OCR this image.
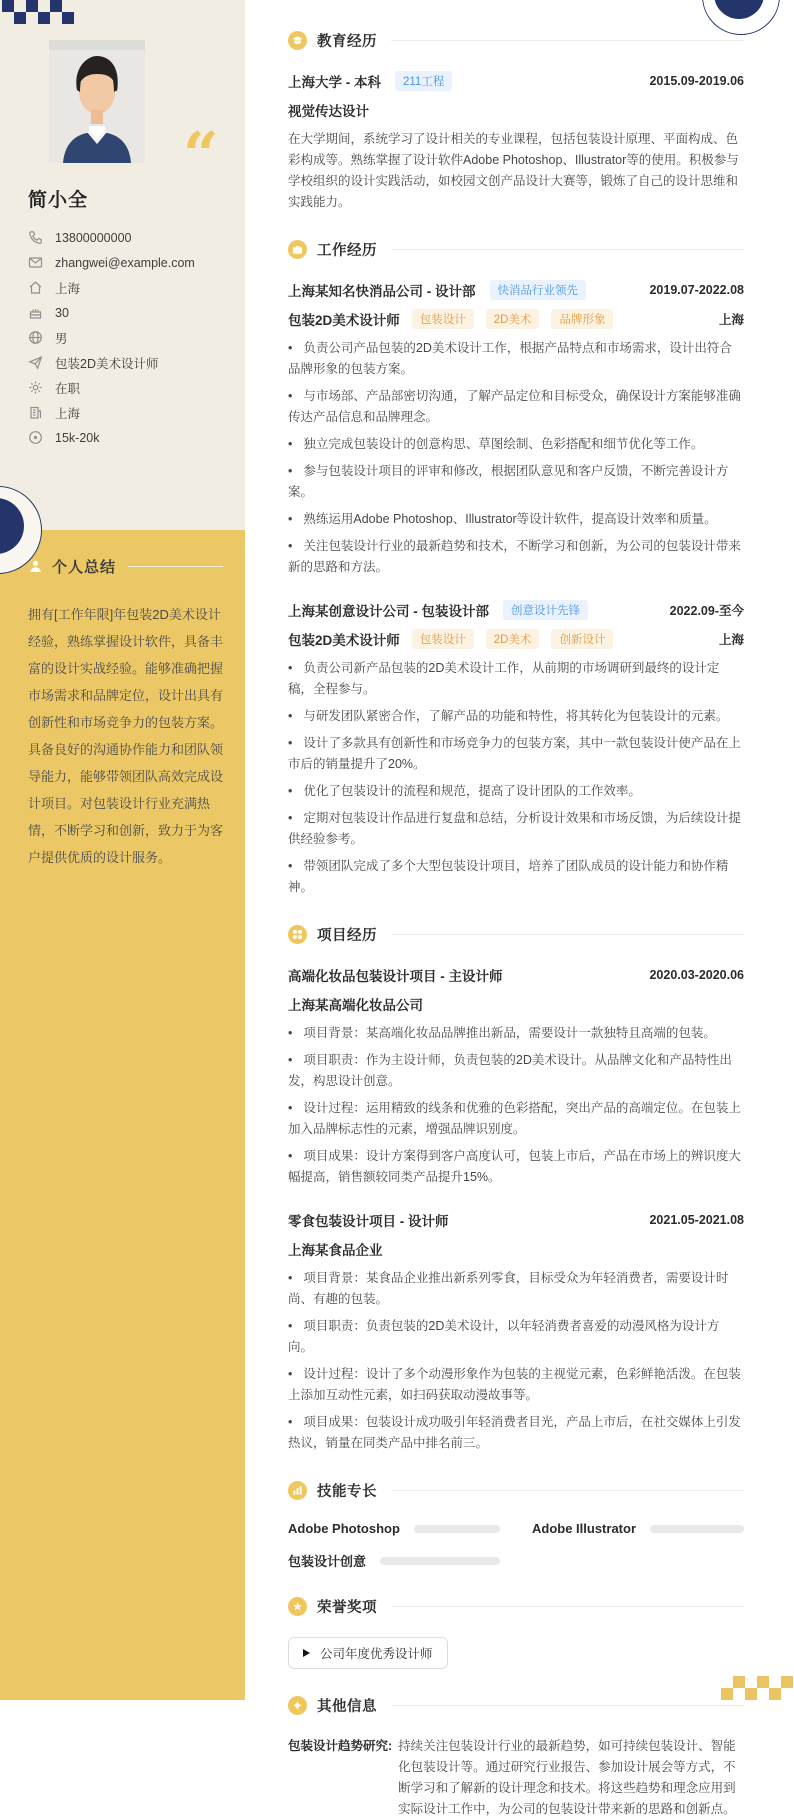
“
简小全
13800000000
zhangwei@example.com
上海
30
男
包装2D美术设计师
在职
上海
15k-20k
个人总结

拥有[工作年限]年包装2D美术设计经验，熟练掌握设计软件，具备丰富的设计实战经验。能够准确把握市场需求和品牌定位，设计出具有创新性和市场竞争力的包装方案。具备良好的沟通协作能力和团队领导能力，能够带领团队高效完成设计项目。对包装设计行业充满热情，不断学习和创新，致力于为客户提供优质的设计服务。

教育经历
上海大学 - 本科	211工程	2015.09-2019.06
视觉传达设计

在大学期间，系统学习了设计相关的专业课程，包括包装设计原理、平面构成、色彩构成等。熟练掌握了设计软件Adobe Photoshop、Illustrator等的使用。积极参与学校组织的设计实践活动，如校园文创产品设计大赛等，锻炼了自己的设计思维和实践能力。

工作经历
上海某知名快消品公司 - 设计部	快消品行业领先	2019.07-2022.08
包装2D美术设计师	包装设计	2D美术	品牌形象	上海
• 负责公司产品包装的2D美术设计工作，根据产品特点和市场需求，设计出符合品牌形象的包装方案。
• 与市场部、产品部密切沟通，了解产品定位和目标受众，确保设计方案能够准确传达产品信息和品牌理念。
• 独立完成包装设计的创意构思、草图绘制、色彩搭配和细节优化等工作。
• 参与包装设计项目的评审和修改，根据团队意见和客户反馈，不断完善设计方案。
• 熟练运用Adobe Photoshop、Illustrator等设计软件，提高设计效率和质量。
• 关注包装设计行业的最新趋势和技术，不断学习和创新，为公司的包装设计带来新的思路和方法。
上海某创意设计公司 - 包装设计部	创意设计先锋	2022.09-至今
包装2D美术设计师	包装设计	2D美术	创新设计	上海
• 负责公司新产品包装的2D美术设计工作，从前期的市场调研到最终的设计定稿，全程参与。
• 与研发团队紧密合作，了解产品的功能和特性，将其转化为包装设计的元素。
• 设计了多款具有创新性和市场竞争力的包装方案，其中一款包装设计使产品在上市后的销量提升了20%。
• 优化了包装设计的流程和规范，提高了设计团队的工作效率。
• 定期对包装设计作品进行复盘和总结，分析设计效果和市场反馈，为后续设计提供经验参考。
• 带领团队完成了多个大型包装设计项目，培养了团队成员的设计能力和协作精神。
项目经历
高端化妆品包装设计项目 - 主设计师	2020.03-2020.06
上海某高端化妆品公司
• 项目背景：某高端化妆品品牌推出新品，需要设计一款独特且高端的包装。
• 项目职责：作为主设计师，负责包装的2D美术设计。从品牌文化和产品特性出发，构思设计创意。
• 设计过程：运用精致的线条和优雅的色彩搭配，突出产品的高端定位。在包装上加入品牌标志性的元素，增强品牌识别度。
• 项目成果：设计方案得到客户高度认可，包装上市后，产品在市场上的辨识度大幅提高，销售额较同类产品提升15%。
零食包装设计项目 - 设计师	2021.05-2021.08
上海某食品企业
• 项目背景：某食品企业推出新系列零食，目标受众为年轻消费者，需要设计时尚、有趣的包装。
• 项目职责：负责包装的2D美术设计，以年轻消费者喜爱的动漫风格为设计方向。
• 设计过程：设计了多个动漫形象作为包装的主视觉元素，色彩鲜艳活泼。在包装上添加互动性元素，如扫码获取动漫故事等。
• 项目成果：包装设计成功吸引年轻消费者目光，产品上市后，在社交媒体上引发热议，销量在同类产品中排名前三。
技能专长
Adobe Photoshop	Adobe Illustrator
包装设计创意
荣誉奖项
公司年度优秀设计师
其他信息
包装设计趋势研究: 持续关注包装设计行业的最新趋势，如可持续包装设计、智能化包装设计等。通过研究行业报告、参加设计展会等方式，不断学习和了解新的设计理念和技术。将这些趋势和理念应用到实际设计工作中，为公司的包装设计带来新的思路和创新点。
